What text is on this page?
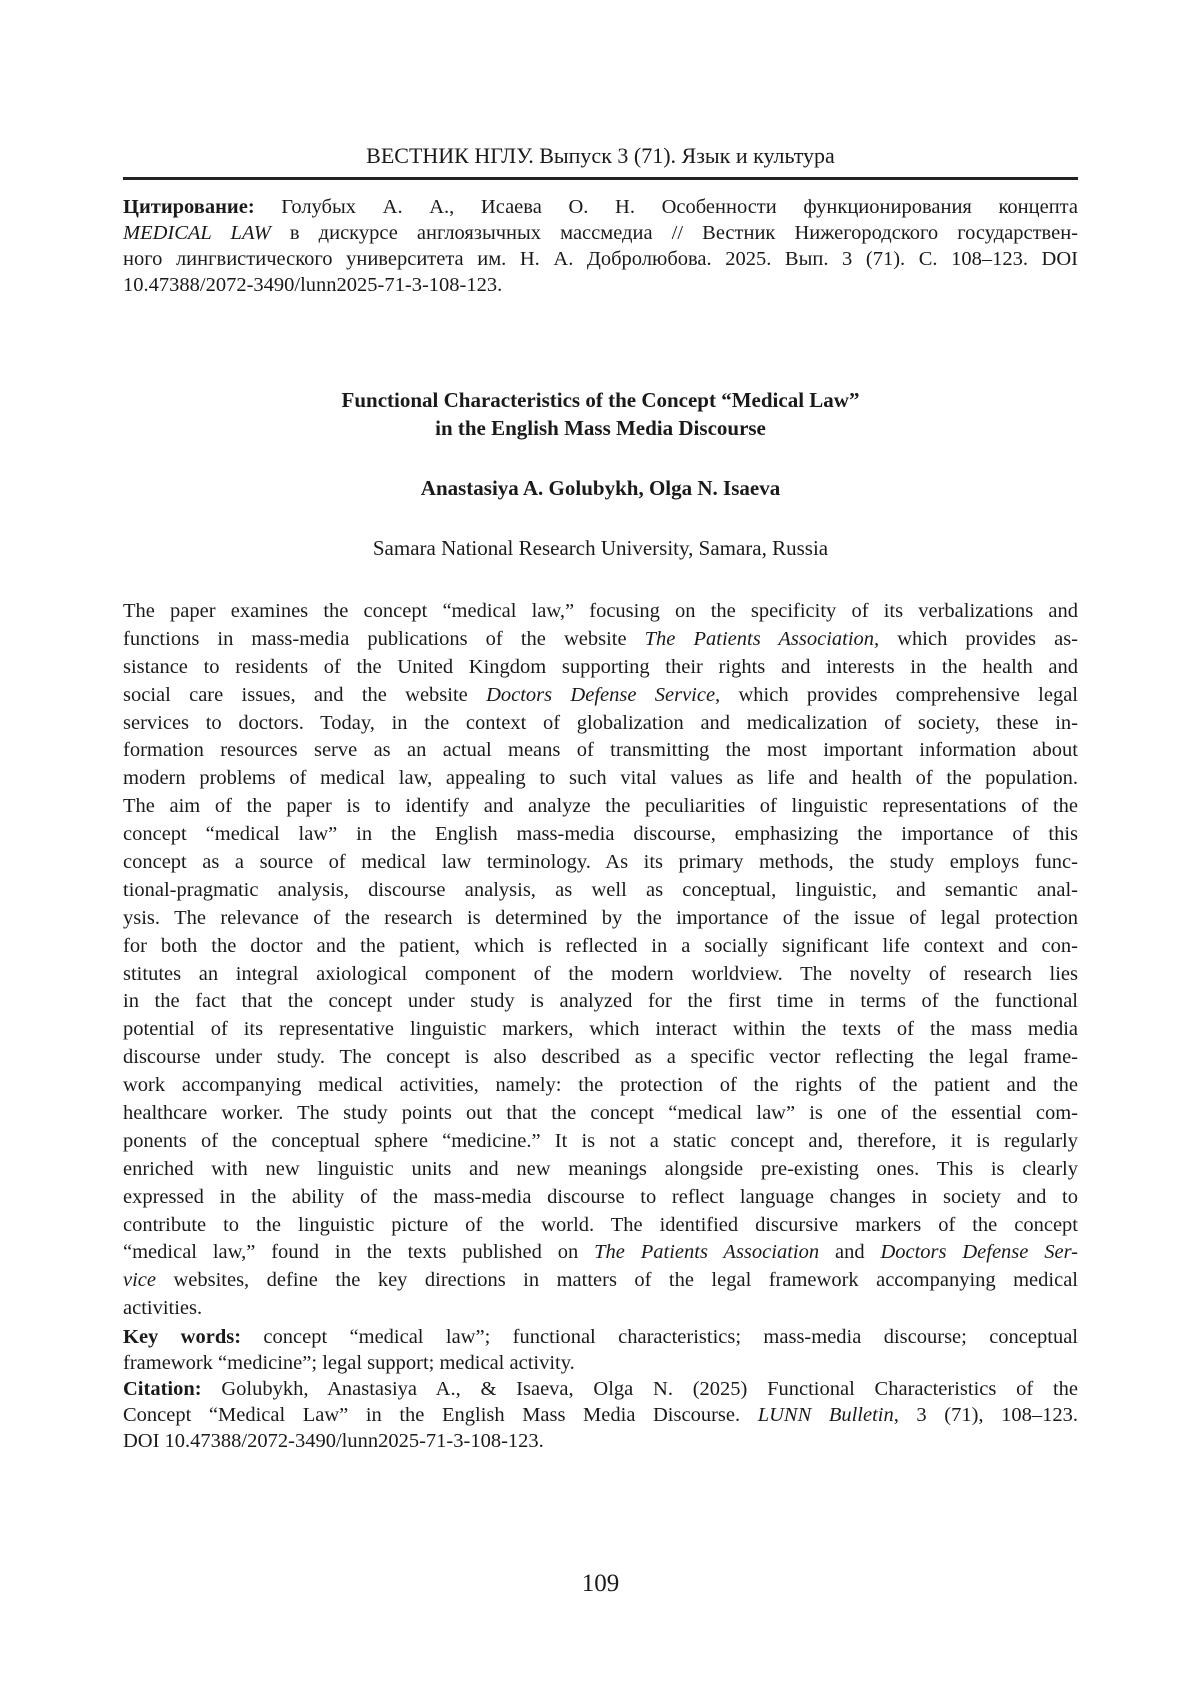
ВЕСТНИК НГЛУ. Выпуск 3 (71). Язык и культура
Цитирование: Голубых А. А., Исаева О. Н. Особенности функционирования концепта
MEDICAL LAW в дискурсе англоязычных массмедиа // Вестник Нижегородского государствен-
ного лингвистического университета им. Н. А. Добролюбова. 2025. Вып. 3 (71). С. 108–123. DOI
10.47388/2072-3490/lunn2025-71-3-108-123.
Functional Characteristics of the Concept “Medical Law”
in the English Mass Media Discourse
Anastasiya A. Golubykh, Olga N. Isaeva
Samara National Research University, Samara, Russia
The paper examines the concept “medical law,” focusing on the specificity of its verbalizations and
functions in mass-media publications of the website The Patients Association, which provides as-
sistance to residents of the United Kingdom supporting their rights and interests in the health and
social care issues, and the website Doctors Defense Service, which provides comprehensive legal
services to doctors. Today, in the context of globalization and medicalization of society, these in-
formation resources serve as an actual means of transmitting the most important information about
modern problems of medical law, appealing to such vital values as life and health of the population.
The aim of the paper is to identify and analyze the peculiarities of linguistic representations of the
concept “medical law” in the English mass-media discourse, emphasizing the importance of this
concept as a source of medical law terminology. As its primary methods, the study employs func-
tional-pragmatic analysis, discourse analysis, as well as conceptual, linguistic, and semantic anal-
ysis. The relevance of the research is determined by the importance of the issue of legal protection
for both the doctor and the patient, which is reflected in a socially significant life context and con-
stitutes an integral axiological component of the modern worldview. The novelty of research lies
in the fact that the concept under study is analyzed for the first time in terms of the functional
potential of its representative linguistic markers, which interact within the texts of the mass media
discourse under study. The concept is also described as a specific vector reflecting the legal frame-
work accompanying medical activities, namely: the protection of the rights of the patient and the
healthcare worker. The study points out that the concept “medical law” is one of the essential com-
ponents of the conceptual sphere “medicine.” It is not a static concept and, therefore, it is regularly
enriched with new linguistic units and new meanings alongside pre-existing ones. This is clearly
expressed in the ability of the mass-media discourse to reflect language changes in society and to
contribute to the linguistic picture of the world. The identified discursive markers of the concept
“medical law,” found in the texts published on The Patients Association and Doctors Defense Ser-
vice websites, define the key directions in matters of the legal framework accompanying medical
activities.
Key words: concept “medical law”; functional characteristics; mass-media discourse; conceptual
framework “medicine”; legal support; medical activity.
Citation: Golubykh, Anastasiya A., & Isaeva, Olga N. (2025) Functional Characteristics of the
Concept “Medical Law” in the English Mass Media Discourse. LUNN Bulletin, 3 (71), 108–123.
DOI 10.47388/2072-3490/lunn2025-71-3-108-123.
109
